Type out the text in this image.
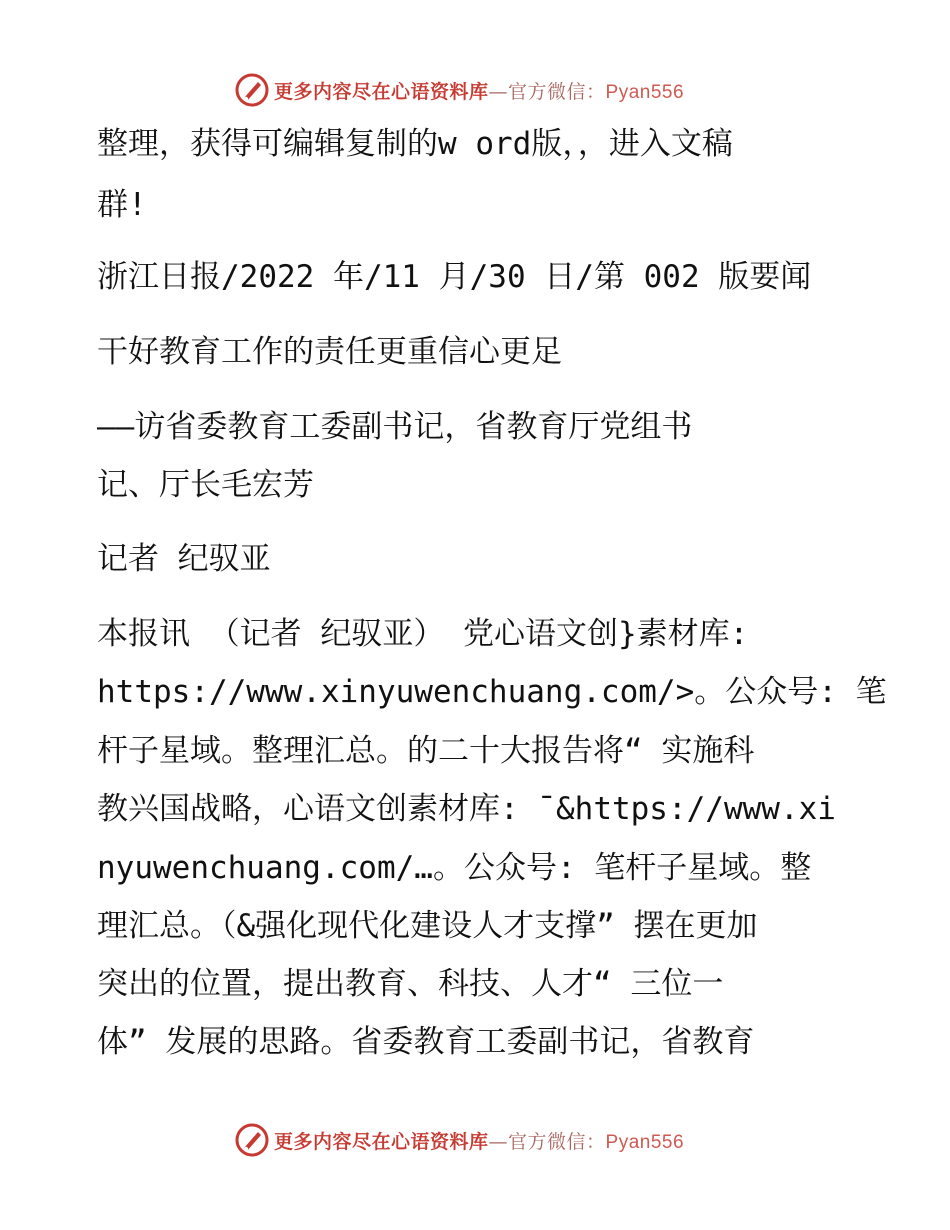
更多内容尽在心语资料库—官方微信：Pyan556
整理，获得可编辑复制的w ord版，，进入文稿
群!
浙江日报/2022 年/11 月/30 日/第 002 版要闻
干好教育工作的责任更重信心更足
——访省委教育工委副书记，省教育厅党组书
记、厅长毛宏芳
记者 纪驭亚
本报讯 （记者 纪驭亚） 党心语文创}素材库:
https://www.xinyuwenchuang.com/>。公众号: 笔
杆子星域。整理汇总。的二十大报告将“ 实施科
教兴国战略，心语文创素材库: ¯&https://www.xi
nyuwenchuang.com/…。公众号: 笔杆子星域。整
理汇总。（&强化现代化建设人才支撑” 摆在更加
突出的位置，提出教育、科技、人才“ 三位一
体” 发展的思路。省委教育工委副书记，省教育
更多内容尽在心语资料库—官方微信：Pyan556
